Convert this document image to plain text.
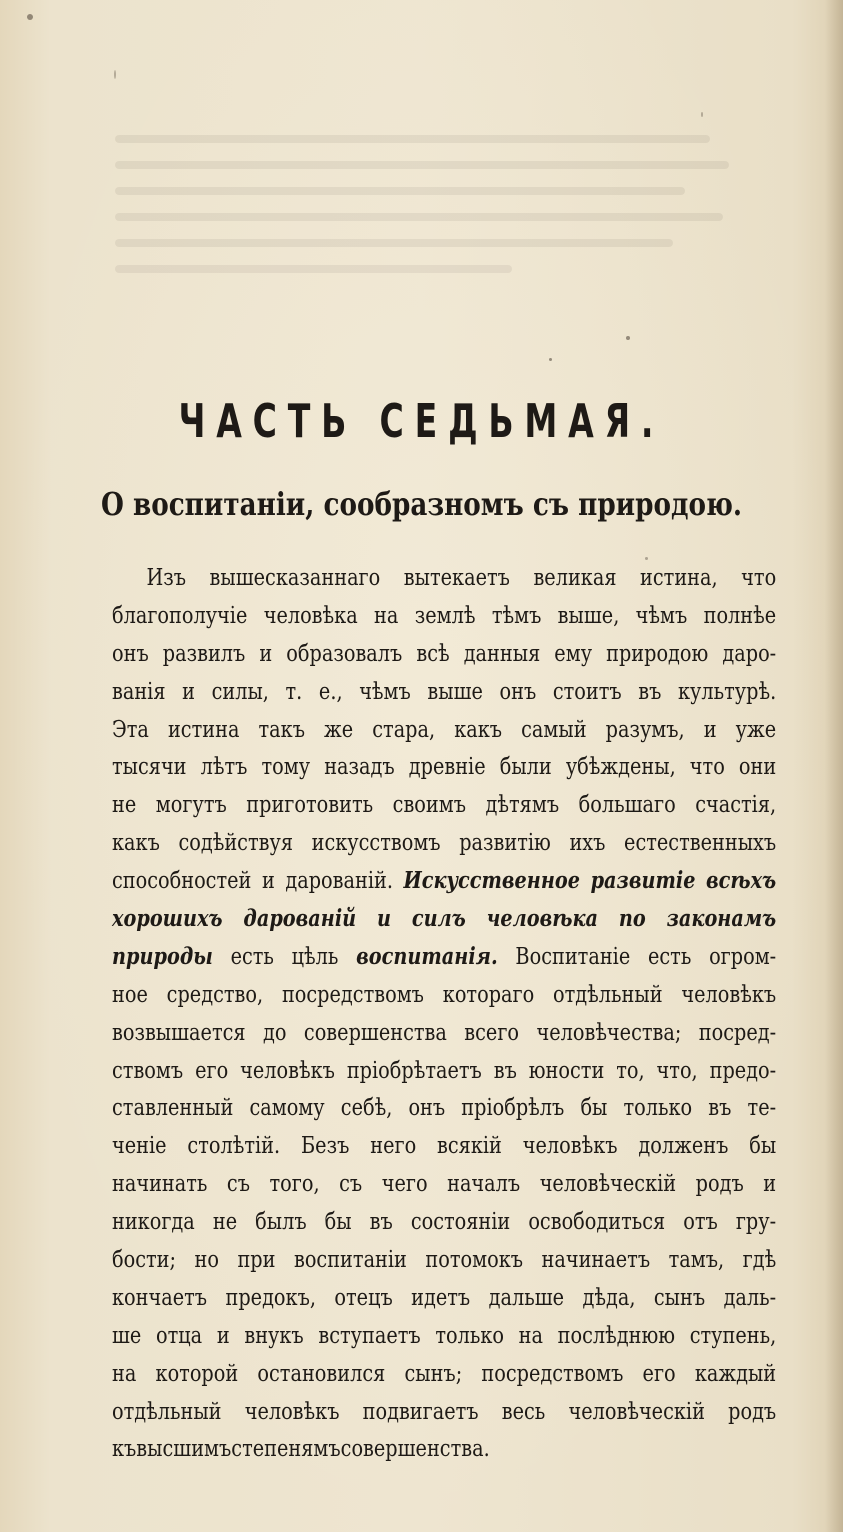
ЧАСТЬ СЕДЬМАЯ.
О воспитаніи, сообразномъ съ природою.
Изъ вышесказаннаго вытекаетъ великая истина, что
благополучіе человѣка на землѣ тѣмъ выше, чѣмъ полнѣе
онъ развилъ и образовалъ всѣ данныя ему природою даро-
ванія и силы, т. е., чѣмъ выше онъ стоитъ въ культурѣ.
Эта истина такъ же стара, какъ самый разумъ, и уже
тысячи лѣтъ тому назадъ древніе были убѣждены, что они
не могутъ приготовить своимъ дѣтямъ большаго счастія,
какъ содѣйствуя искусствомъ развитію ихъ естественныхъ
способностей и дарованій. Искусственное развитіе всѣхъ
хорошихъ дарованій и силъ человѣка по законамъ
природы есть цѣль воспитанія. Воспитаніе есть огром-
ное средство, посредствомъ котораго отдѣльный человѣкъ
возвышается до совершенства всего человѣчества; посред-
ствомъ его человѣкъ пріобрѣтаетъ въ юности то, что, предо-
ставленный самому себѣ, онъ пріобрѣлъ бы только въ те-
ченіе столѣтій. Безъ него всякій человѣкъ долженъ бы
начинать съ того, съ чего началъ человѣческій родъ и
никогда не былъ бы въ состояніи освободиться отъ гру-
бости; но при воспитаніи потомокъ начинаетъ тамъ, гдѣ
кончаетъ предокъ, отецъ идетъ дальше дѣда, сынъ даль-
ше отца и внукъ вступаетъ только на послѣднюю ступень,
на которой остановился сынъ; посредствомъ его каждый
отдѣльный человѣкъ подвигаетъ весь человѣческій родъ
къ высшимъ степенямъ совершенства.
